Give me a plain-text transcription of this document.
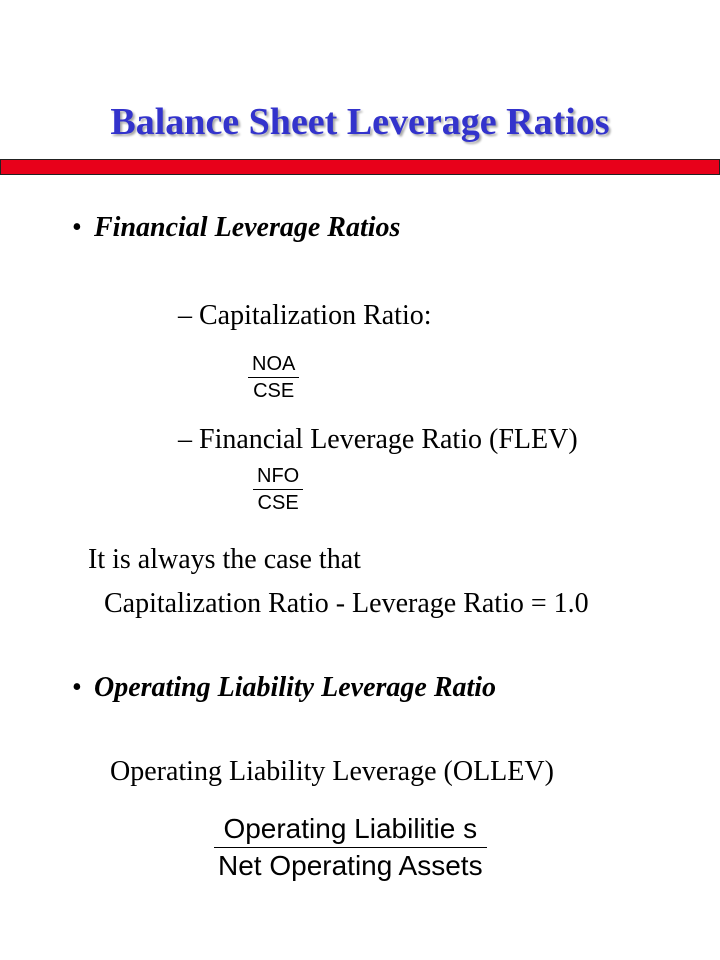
Balance Sheet Leverage Ratios
• Financial Leverage Ratios
– Capitalization Ratio:
NOA
CSE
– Financial Leverage Ratio (FLEV)
NFO
CSE
It is always the case that
Capitalization Ratio - Leverage Ratio = 1.0
• Operating Liability Leverage Ratio
Operating Liability Leverage (OLLEV)
Operating Liabilitie s
Net Operating Assets
